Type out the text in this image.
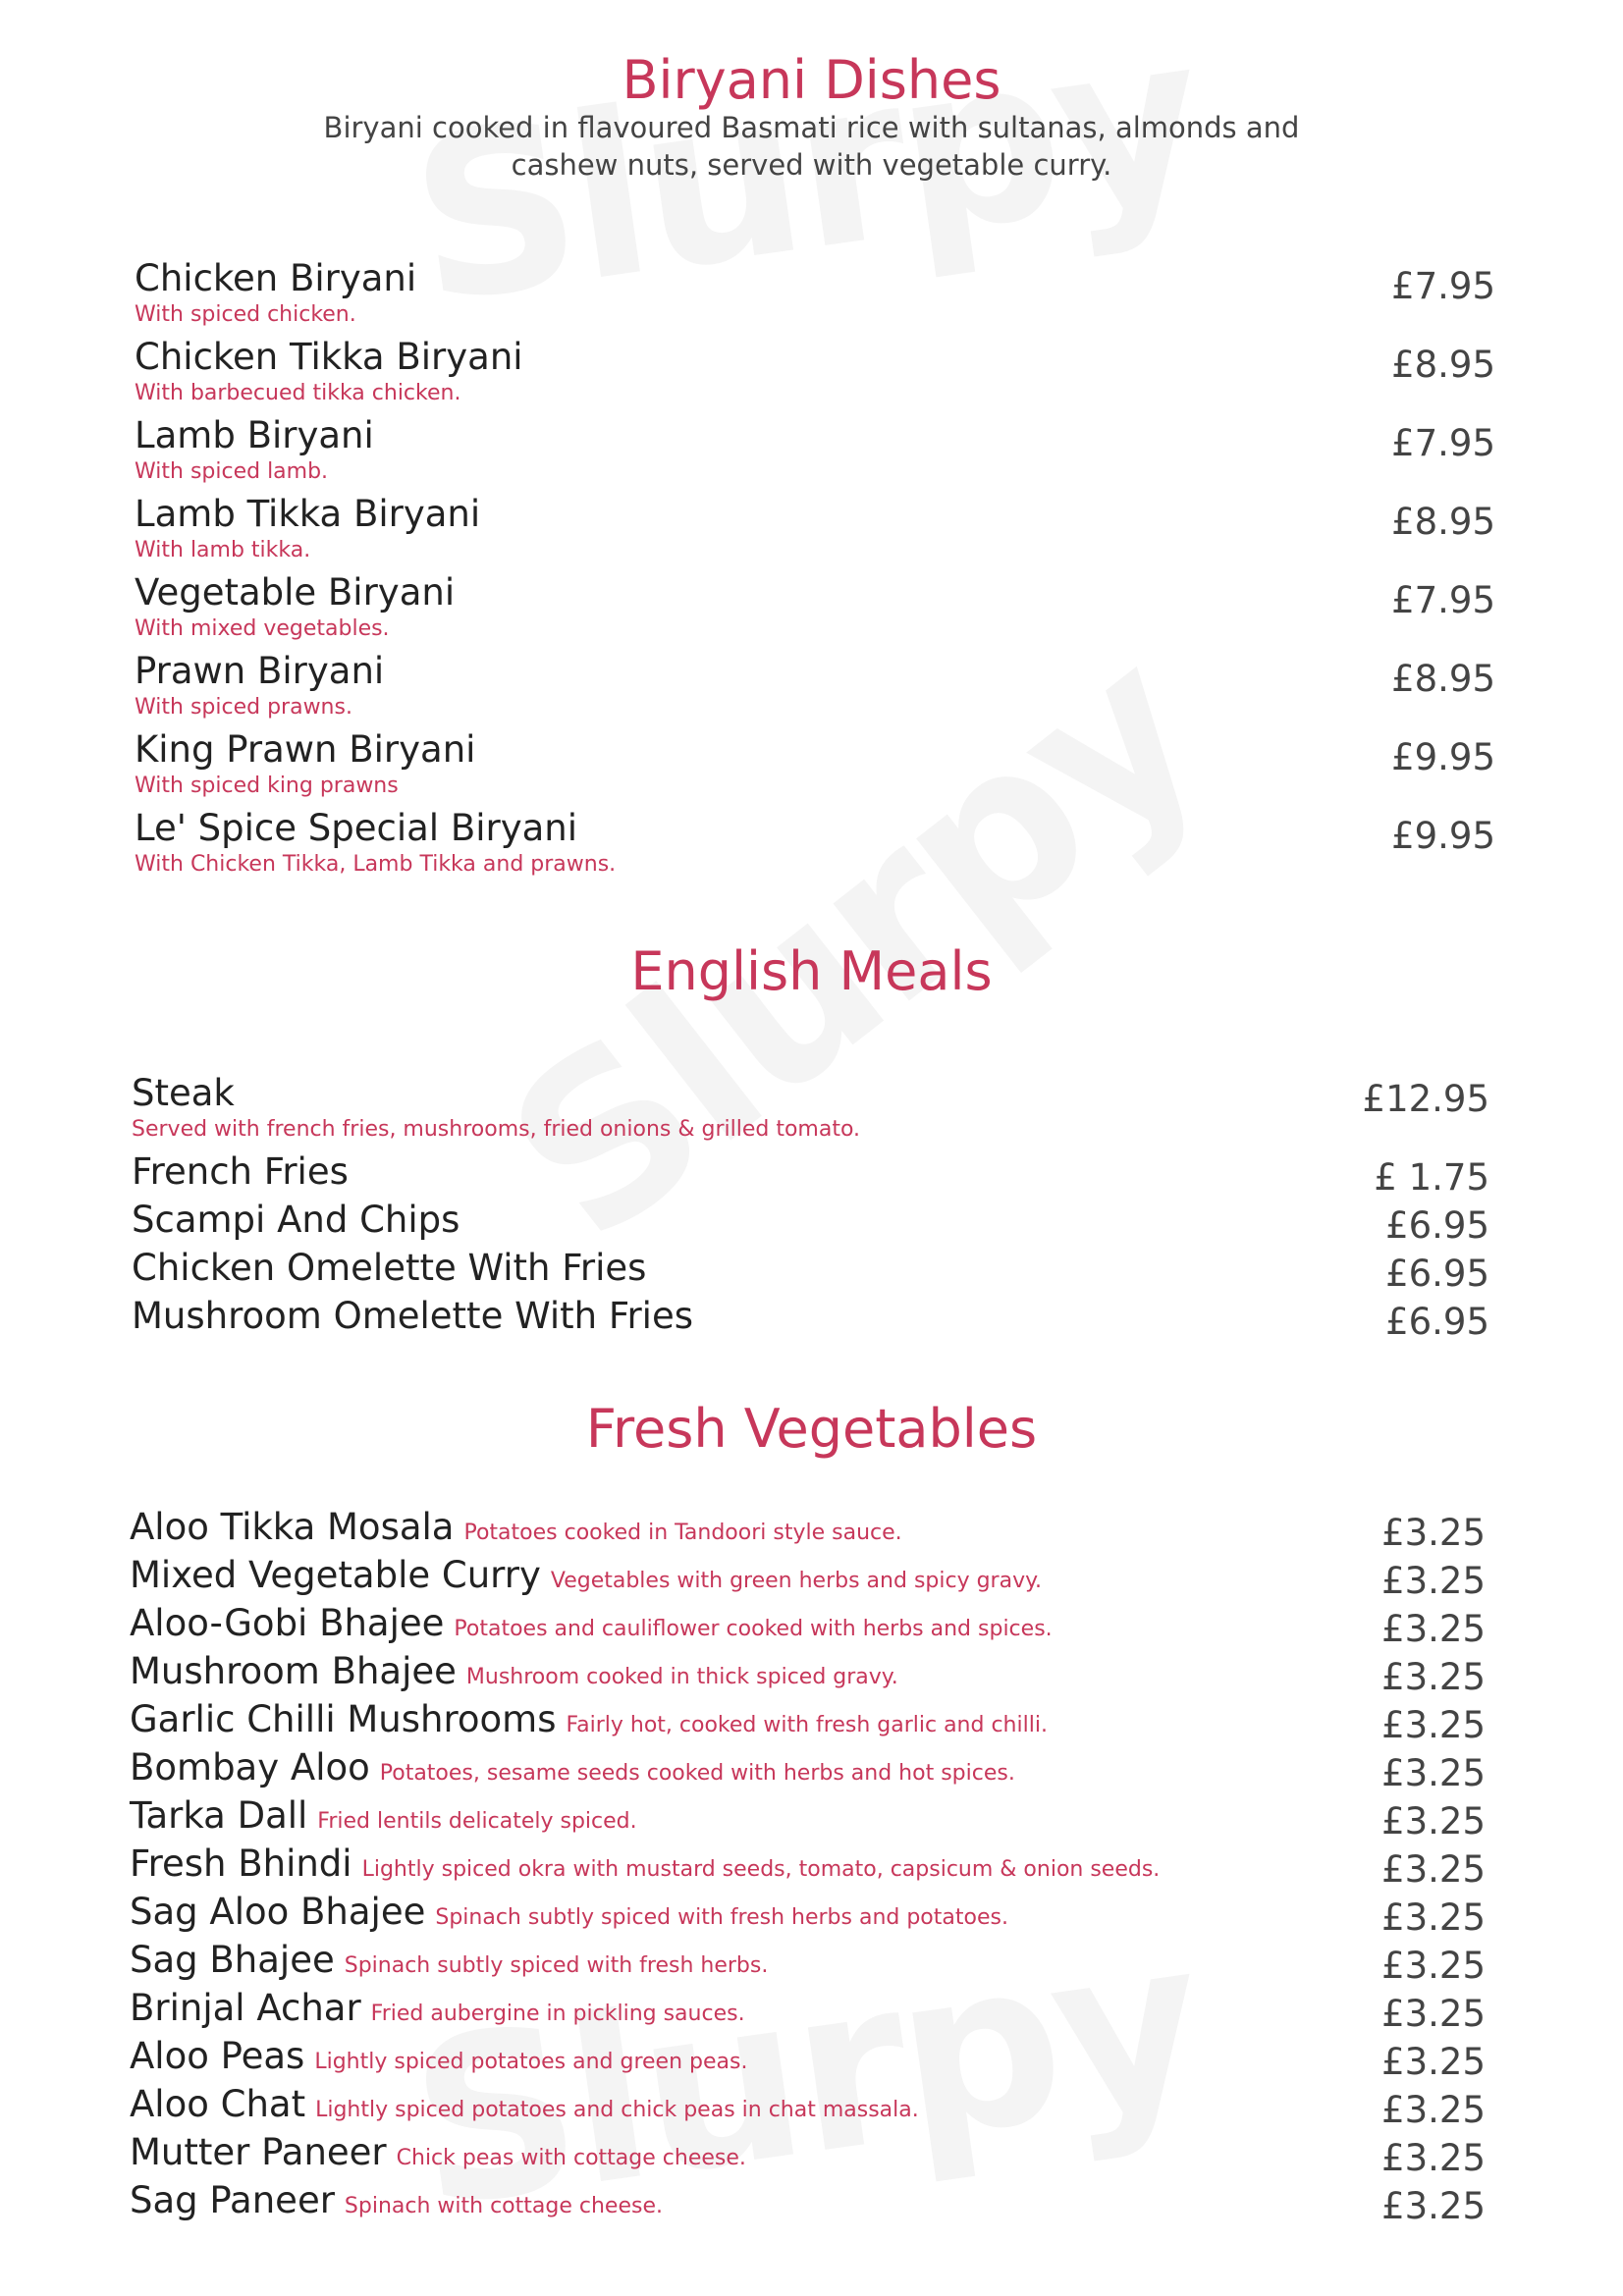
Biryani Dishes
Biryani cooked in flavoured Basmati rice with sultanas, almonds and
cashew nuts, served with vegetable curry.
Chicken Biryani
With spiced chicken.
£7.95
Chicken Tikka Biryani
With barbecued tikka chicken.
£8.95
Lamb Biryani
With spiced lamb.
£7.95
Lamb Tikka Biryani
With lamb tikka.
£8.95
Vegetable Biryani
With mixed vegetables.
£7.95
Prawn Biryani
With spiced prawns.
£8.95
King Prawn Biryani
With spiced king prawns
£9.95
Le' Spice Special Biryani
With Chicken Tikka, Lamb Tikka and prawns.
£9.95
English Meals
Steak
Served with french fries, mushrooms, fried onions & grilled tomato.
£12.95
French Fries	£ 1.75
Scampi And Chips	£6.95
Chicken Omelette With Fries	£6.95
Mushroom Omelette With Fries	£6.95
Fresh Vegetables
Aloo Tikka Mosala Potatoes cooked in Tandoori style sauce.	£3.25
Mixed Vegetable Curry Vegetables with green herbs and spicy gravy.	£3.25
Aloo-Gobi Bhajee Potatoes and cauliflower cooked with herbs and spices.	£3.25
Mushroom Bhajee Mushroom cooked in thick spiced gravy.	£3.25
Garlic Chilli Mushrooms Fairly hot, cooked with fresh garlic and chilli.	£3.25
Bombay Aloo Potatoes, sesame seeds cooked with herbs and hot spices.	£3.25
Tarka Dall Fried lentils delicately spiced.	£3.25
Fresh Bhindi Lightly spiced okra with mustard seeds, tomato, capsicum & onion seeds.	£3.25
Sag Aloo Bhajee Spinach subtly spiced with fresh herbs and potatoes.	£3.25
Sag Bhajee Spinach subtly spiced with fresh herbs.	£3.25
Brinjal Achar Fried aubergine in pickling sauces.	£3.25
Aloo Peas Lightly spiced potatoes and green peas.	£3.25
Aloo Chat Lightly spiced potatoes and chick peas in chat massala.	£3.25
Mutter Paneer Chick peas with cottage cheese.	£3.25
Sag Paneer Spinach with cottage cheese.	£3.25
